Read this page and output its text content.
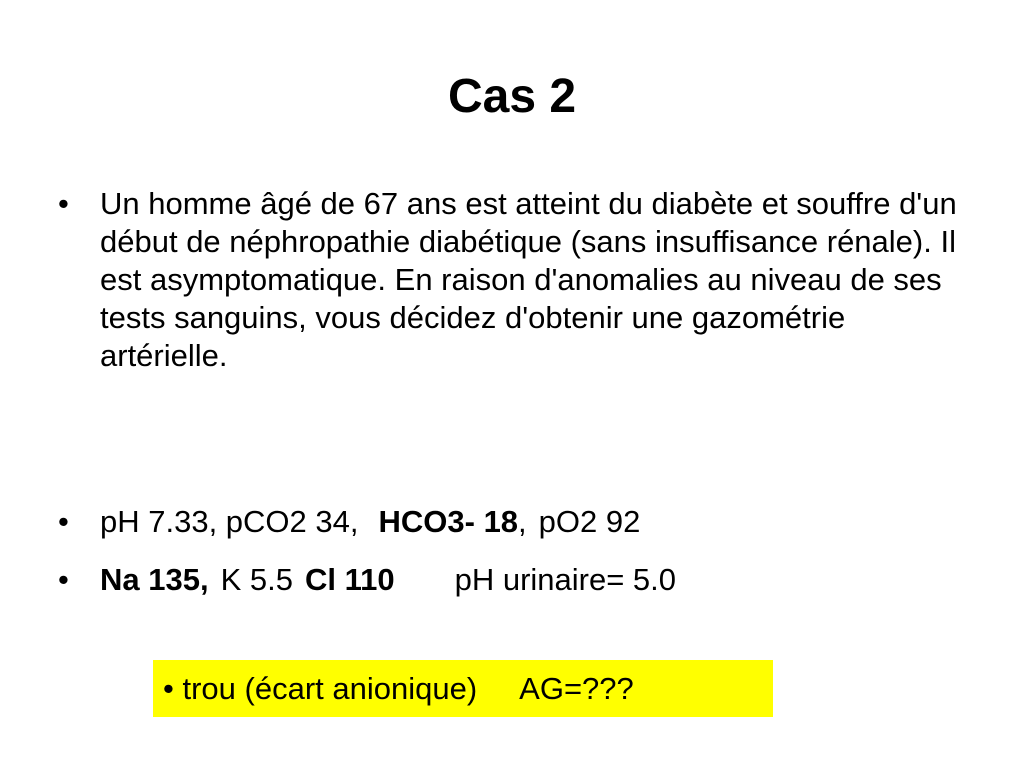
Cas 2
•	Un homme âgé de 67 ans est atteint du diabète et souffre d'un début de néphropathie diabétique (sans insuffisance rénale). Il est asymptomatique. En raison d'anomalies au niveau de ses tests sanguins, vous décidez d'obtenir une gazométrie artérielle.
•	pH 7.33, pCO2 34, HCO3- 18, pO2 92
•	Na 135, K 5.5 Cl 110 pH urinaire= 5.0
• trou (écart anionique) AG=???
